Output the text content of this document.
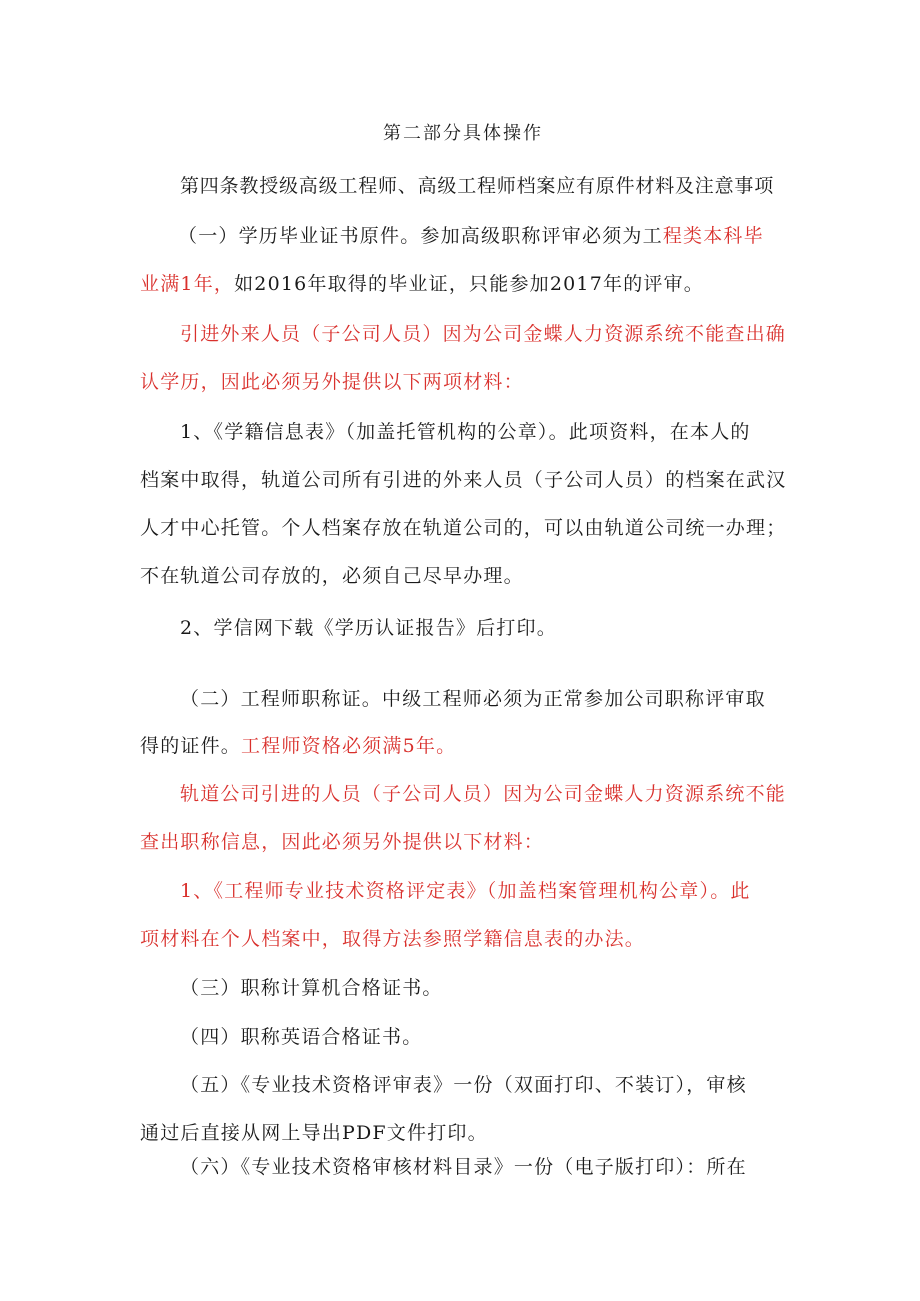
第二部分具体操作
第四条教授级高级工程师、高级工程师档案应有原件材料及注意事项
（一）学历毕业证书原件。参加高级职称评审必须为工程类本科毕
业满1年，如2016年取得的毕业证，只能参加2017年的评审。
引进外来人员（子公司人员）因为公司金蝶人力资源系统不能查出确
认学历，因此必须另外提供以下两项材料：
1、《学籍信息表》（加盖托管机构的公章）。此项资料，在本人的
档案中取得，轨道公司所有引进的外来人员（子公司人员）的档案在武汉
人才中心托管。个人档案存放在轨道公司的，可以由轨道公司统一办理；
不在轨道公司存放的，必须自己尽早办理。
2、学信网下载《学历认证报告》后打印。
（二）工程师职称证。中级工程师必须为正常参加公司职称评审取
得的证件。工程师资格必须满5年。
轨道公司引进的人员（子公司人员）因为公司金蝶人力资源系统不能
查出职称信息，因此必须另外提供以下材料：
1、《工程师专业技术资格评定表》（加盖档案管理机构公章）。此
项材料在个人档案中，取得方法参照学籍信息表的办法。
（三）职称计算机合格证书。
（四）职称英语合格证书。
（五）《专业技术资格评审表》一份（双面打印、不装订），审核
通过后直接从网上导出PDF文件打印。
（六）《专业技术资格审核材料目录》一份（电子版打印）：所在
